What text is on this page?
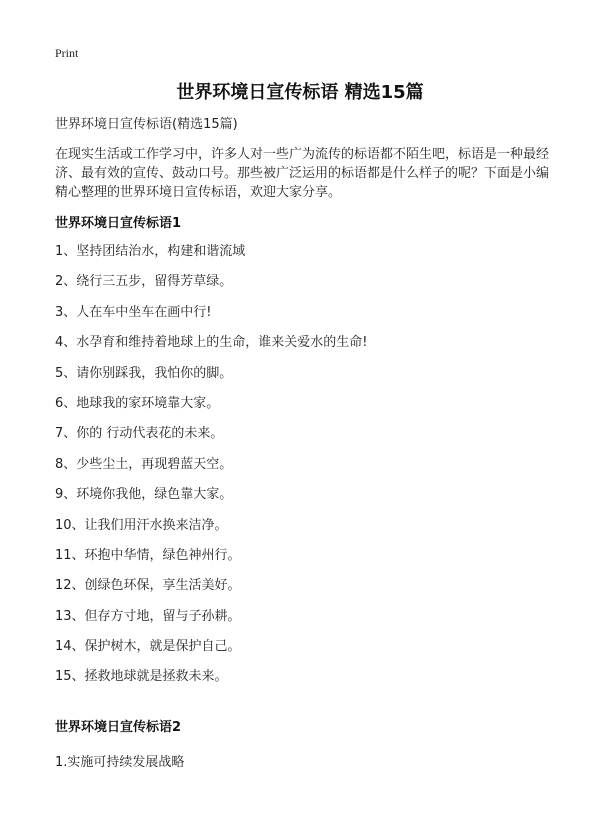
Print
世界环境日宣传标语 精选15篇

世界环境日宣传标语(精选15篇)

在现实生活或工作学习中，许多人对一些广为流传的标语都不陌生吧，标语是一种最经济、最有效的宣传、鼓动口号。那些被广泛运用的标语都是什么样子的呢？下面是小编精心整理的世界环境日宣传标语，欢迎大家分享。

世界环境日宣传标语1
1、坚持团结治水，构建和谐流域
2、绕行三五步，留得芳草绿。
3、人在车中坐车在画中行!
4、水孕育和维持着地球上的生命，谁来关爱水的生命!
5、请你别踩我，我怕你的脚。
6、地球我的家环境靠大家。
7、你的 行动代表花的未来。
8、少些尘土，再现碧蓝天空。
9、环境你我他，绿色靠大家。
10、让我们用汗水换来洁净。
11、环抱中华情，绿色神州行。
12、创绿色环保，享生活美好。
13、但存方寸地，留与子孙耕。
14、保护树木，就是保护自己。
15、拯救地球就是拯救未来。
世界环境日宣传标语2

1.实施可持续发展战略
